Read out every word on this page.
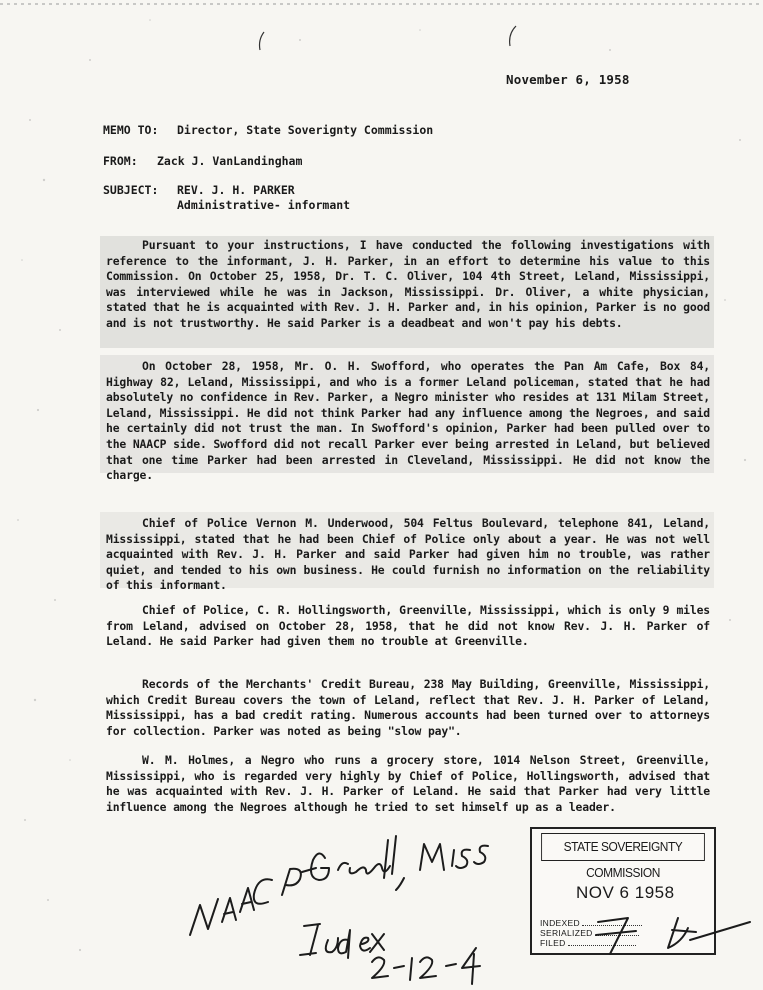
November 6, 1958
MEMO TO: Director, State Soverignty Commission
FROM: Zack J. VanLandingham
SUBJECT: REV. J. H. PARKER
Administrative- informant

Pursuant to your instructions, I have conducted the following investigations with reference to the informant, J. H. Parker, in an effort to determine his value to this Commission. On October 25, 1958, Dr. T. C. Oliver, 104 4th Street, Leland, Mississippi, was interviewed while he was in Jackson, Mississippi. Dr. Oliver, a white physician, stated that he is acquainted with Rev. J. H. Parker and, in his opinion, Parker is no good and is not trustworthy. He said Parker is a deadbeat and won't pay his debts.

On October 28, 1958, Mr. O. H. Swofford, who operates the Pan Am Cafe, Box 84, Highway 82, Leland, Mississippi, and who is a former Leland policeman, stated that he had absolutely no confidence in Rev. Parker, a Negro minister who resides at 131 Milam Street, Leland, Mississippi. He did not think Parker had any influence among the Negroes, and said he certainly did not trust the man. In Swofford's opinion, Parker had been pulled over to the NAACP side. Swofford did not recall Parker ever being arrested in Leland, but believed that one time Parker had been arrested in Cleveland, Mississippi. He did not know the charge.

Chief of Police Vernon M. Underwood, 504 Feltus Boulevard, telephone 841, Leland, Mississippi, stated that he had been Chief of Police only about a year. He was not well acquainted with Rev. J. H. Parker and said Parker had given him no trouble, was rather quiet, and tended to his own business. He could furnish no information on the reliability of this informant.

Chief of Police, C. R. Hollingsworth, Greenville, Mississippi, which is only 9 miles from Leland, advised on October 28, 1958, that he did not know Rev. J. H. Parker of Leland. He said Parker had given them no trouble at Greenville.

Records of the Merchants' Credit Bureau, 238 May Building, Greenville, Mississippi, which Credit Bureau covers the town of Leland, reflect that Rev. J. H. Parker of Leland, Mississippi, has a bad credit rating. Numerous accounts had been turned over to attorneys for collection. Parker was noted as being "slow pay".

W. M. Holmes, a Negro who runs a grocery store, 1014 Nelson Street, Greenville, Mississippi, who is regarded very highly by Chief of Police, Hollingsworth, advised that he was acquainted with Rev. J. H. Parker of Leland. He said that Parker had very little influence among the Negroes although he tried to set himself up as a leader.

STATE SOVEREIGNTY COMMISSION
NOV 6 1958
INDEXED
SERIALIZED
FILED
